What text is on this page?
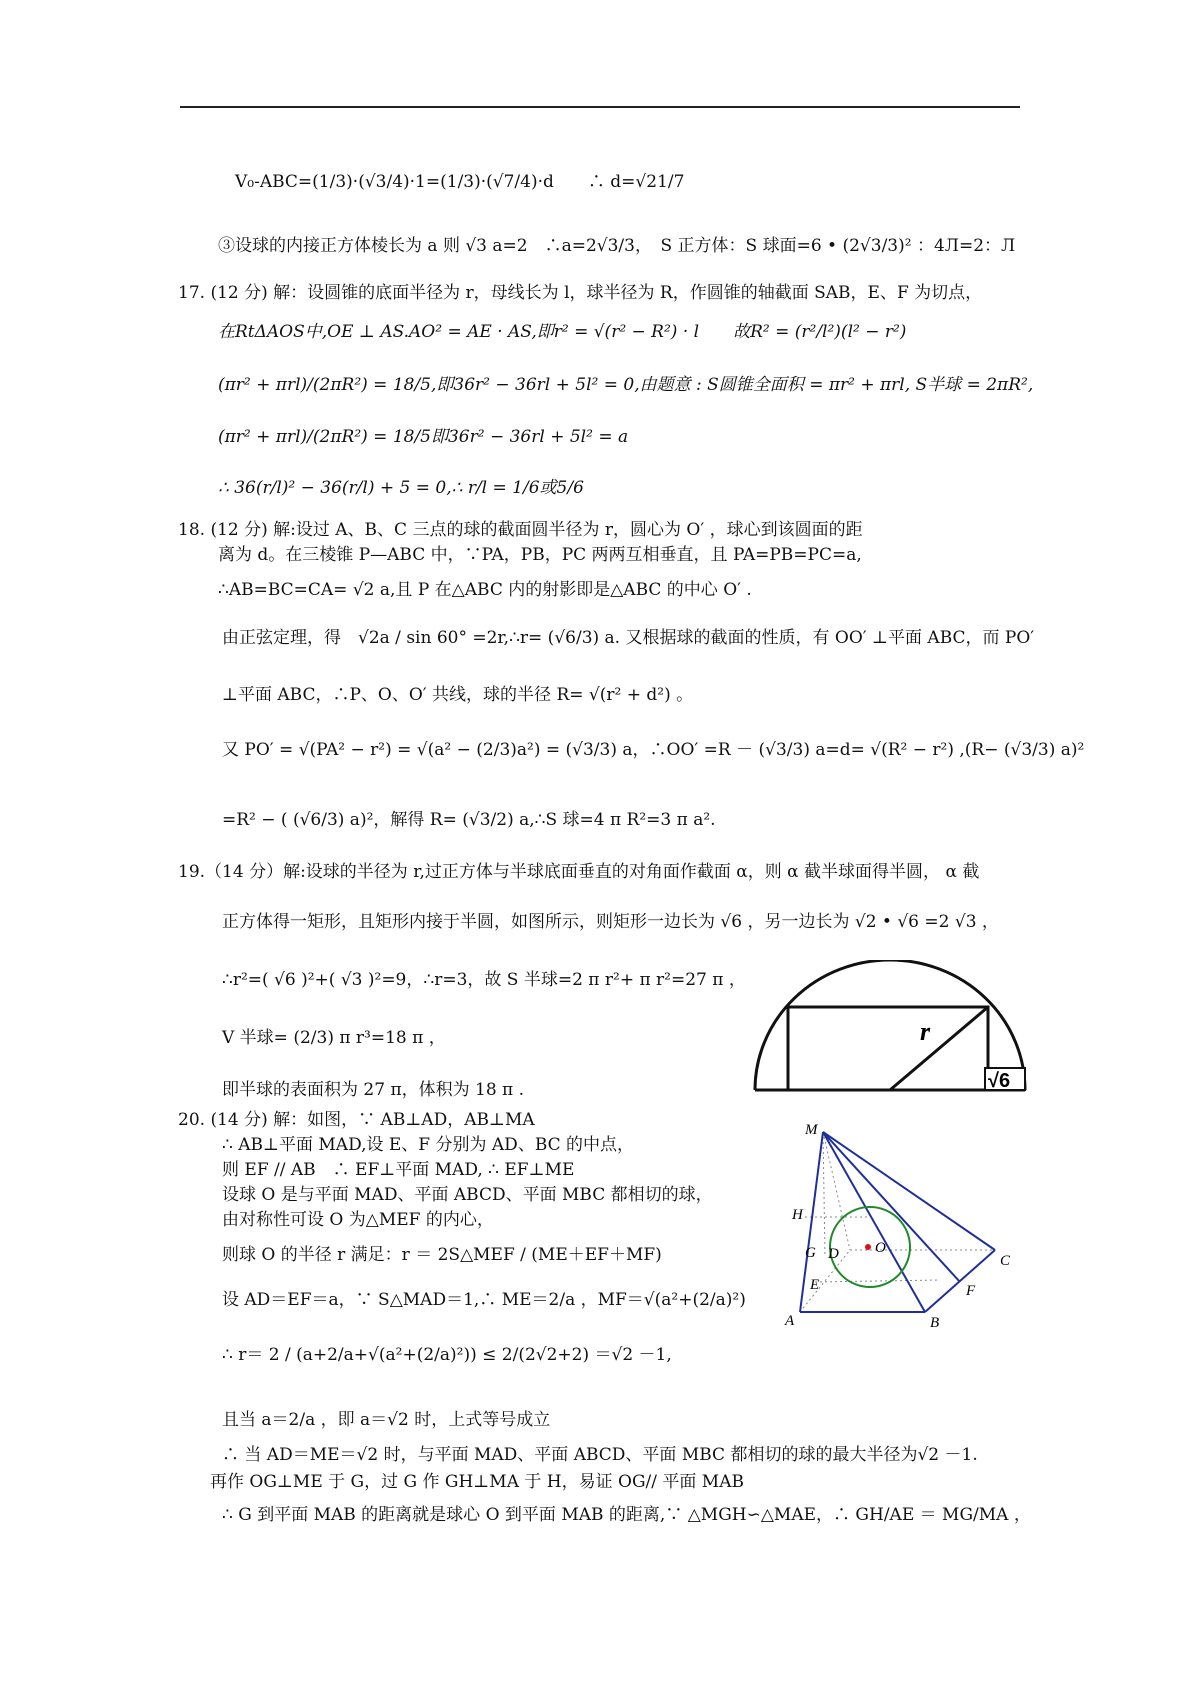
V₀-ABC=(1/3)·(√3/4)·1=(1/3)·(√7/4)·d　　∴ d=√21/7
③设球的内接正方体棱长为 a 则 √3 a=2　∴a=2√3/3，　S 正方体：S 球面=6 • (2√3/3)² ：4Л=2：Л
17. (12 分) 解：设圆锥的底面半径为 r，母线长为 l，球半径为 R，作圆锥的轴截面 SAB，E、F 为切点，
在RtΔAOS中,OE ⊥ AS.AO² = AE · AS,即r² = √(r² − R²) · l　　故R² = (r²/l²)(l² − r²)
(πr² + πrl)/(2πR²) = 18/5,即36r² − 36rl + 5l² = 0,由题意 : S圆锥全面积 = πr² + πrl, S半球 = 2πR²,
(πr² + πrl)/(2πR²) = 18/5即36r² − 36rl + 5l² = a
∴ 36(r/l)² − 36(r/l) + 5 = 0,∴ r/l = 1/6或5/6
18. (12 分) 解:设过 A、B、C 三点的球的截面圆半径为 r，圆心为 O′ ，球心到该圆面的距
离为 d。在三棱锥 P—ABC 中，∵PA，PB，PC 两两互相垂直，且 PA=PB=PC=a,
∴AB=BC=CA= √2 a,且 P 在△ABC 内的射影即是△ABC 的中心 O′ .
由正弦定理，得　√2a / sin 60° =2r,∴r= (√6/3) a. 又根据球的截面的性质，有 OO′ ⊥平面 ABC，而 PO′
⊥平面 ABC，∴P、O、O′ 共线，球的半径 R= √(r² + d²) 。
又 PO′ = √(PA² − r²) = √(a² − (2/3)a²) = (√3/3) a，∴OO′ =R － (√3/3) a=d= √(R² − r²) ,(R− (√3/3) a)²
=R² − ( (√6/3) a)²，解得 R= (√3/2) a,∴S 球=4 π R²=3 π a².
19.（14 分）解:设球的半径为 r,过正方体与半球底面垂直的对角面作截面 α，则 α 截半球面得半圆， α 截
正方体得一矩形，且矩形内接于半圆，如图所示，则矩形一边长为 √6 ，另一边长为 √2 • √6 =2 √3 ，
∴r²=( √6 )²+( √3 )²=9，∴r=3，故 S 半球=2 π r²+ π r²=27 π ，
V 半球= (2/3) π r³=18 π ，
即半球的表面积为 27 π，体积为 18 π .
20. (14 分) 解：如图，∵ AB⊥AD，AB⊥MA
∴ AB⊥平面 MAD,设 E、F 分别为 AD、BC 的中点，
则 EF // AB　∴ EF⊥平面 MAD, ∴ EF⊥ME
设球 O 是与平面 MAD、平面 ABCD、平面 MBC 都相切的球，
由对称性可设 O 为△MEF 的内心，
则球 O 的半径 r 满足：r ＝ 2S△MEF / (ME＋EF＋MF)
设 AD＝EF＝a，∵ S△MAD＝1,∴ ME＝2/a ，MF＝√(a²+(2/a)²)
∴ r＝ 2 / (a+2/a+√(a²+(2/a)²)) ≤ 2/(2√2+2) ＝√2 －1,
且当 a＝2/a ，即 a＝√2 时，上式等号成立
∴ 当 AD＝ME＝√2 时，与平面 MAD、平面 ABCD、平面 MBC 都相切的球的最大半径为√2 －1.
再作 OG⊥ME 于 G，过 G 作 GH⊥MA 于 H，易证 OG// 平面 MAB
∴ G 到平面 MAB 的距离就是球心 O 到平面 MAB 的距离,∵ △MGH∽△MAE，∴ GH/AE ＝ MG/MA ，
r
√6
M
H
G D O
E
A	B
C
F
